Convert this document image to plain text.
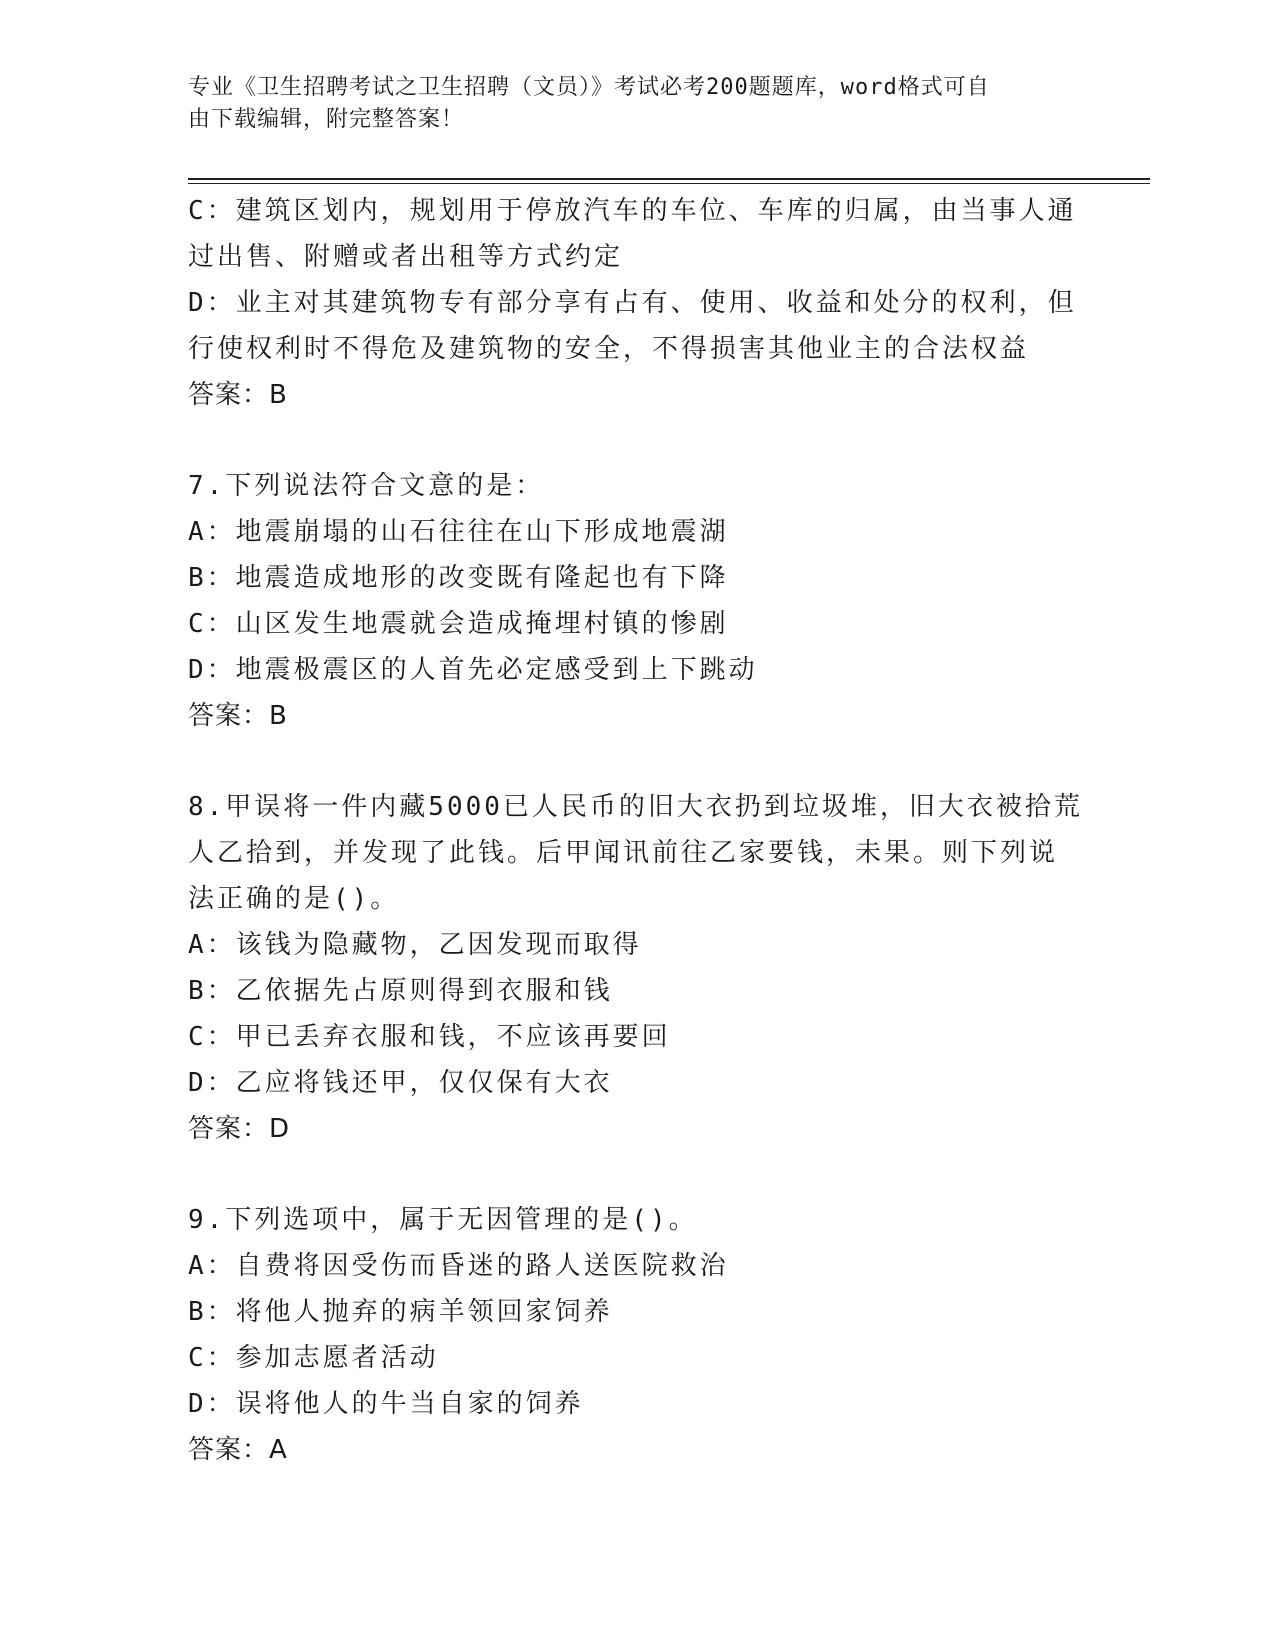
专业《卫生招聘考试之卫生招聘（文员）》考试必考200题题库，word格式可自
由下载编辑，附完整答案！
C：建筑区划内，规划用于停放汽车的车位、车库的归属，由当事人通
过出售、附赠或者出租等方式约定
D：业主对其建筑物专有部分享有占有、使用、收益和处分的权利，但
行使权利时不得危及建筑物的安全，不得损害其他业主的合法权益
答案：B
7.下列说法符合文意的是：
A：地震崩塌的山石往往在山下形成地震湖
B：地震造成地形的改变既有隆起也有下降
C：山区发生地震就会造成掩埋村镇的惨剧
D：地震极震区的人首先必定感受到上下跳动
答案：B
8.甲误将一件内藏5000已人民币的旧大衣扔到垃圾堆，旧大衣被拾荒
人乙拾到，并发现了此钱。后甲闻讯前往乙家要钱，未果。则下列说
法正确的是()。
A：该钱为隐藏物，乙因发现而取得
B：乙依据先占原则得到衣服和钱
C：甲已丢弃衣服和钱，不应该再要回
D：乙应将钱还甲，仅仅保有大衣
答案：D
9.下列选项中，属于无因管理的是()。
A：自费将因受伤而昏迷的路人送医院救治
B：将他人抛弃的病羊领回家饲养
C：参加志愿者活动
D：误将他人的牛当自家的饲养
答案：A
